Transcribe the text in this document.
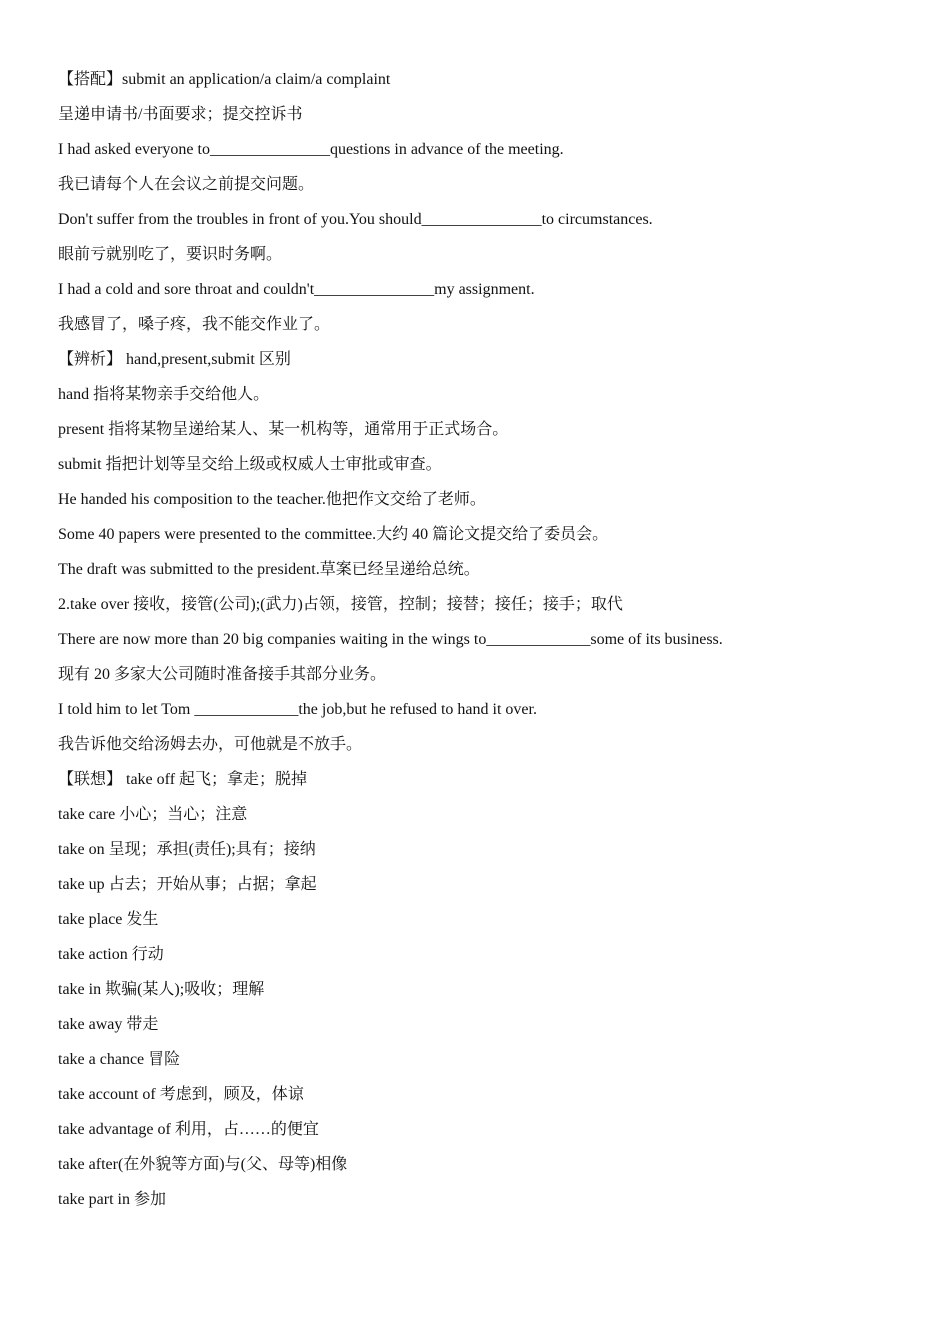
【搭配】submit an application/a claim/a complaint
呈递申请书/书面要求；提交控诉书
I had asked everyone to_______________questions in advance of the meeting.
我已请每个人在会议之前提交问题。
Don't suffer from the troubles in front of you.You should_______________to circumstances.
眼前亏就别吃了，要识时务啊。
I had a cold and sore throat and couldn't_______________my assignment.
我感冒了，嗓子疼，我不能交作业了。
【辨析】 hand,present,submit 区别
hand 指将某物亲手交给他人。
present 指将某物呈递给某人、某一机构等，通常用于正式场合。
submit 指把计划等呈交给上级或权威人士审批或审查。
He handed his composition to the teacher.他把作文交给了老师。
Some 40 papers were presented to the committee.大约 40 篇论文提交给了委员会。
The draft was submitted to the president.草案已经呈递给总统。
2.take over 接收，接管(公司);(武力)占领，接管，控制；接替；接任；接手；取代
There are now more than 20 big companies waiting in the wings to_____________some of its business.
现有 20 多家大公司随时准备接手其部分业务。
I told him to let Tom _____________the job,but he refused to hand it over.
我告诉他交给汤姆去办，可他就是不放手。
【联想】 take off 起飞；拿走；脱掉
take care 小心；当心；注意
take on 呈现；承担(责任);具有；接纳
take up 占去；开始从事；占据；拿起
take place 发生
take action 行动
take in 欺骗(某人);吸收；理解
take away 带走
take a chance 冒险
take account of 考虑到，顾及，体谅
take advantage of 利用，占……的便宜
take after(在外貌等方面)与(父、母等)相像
take part in 参加
